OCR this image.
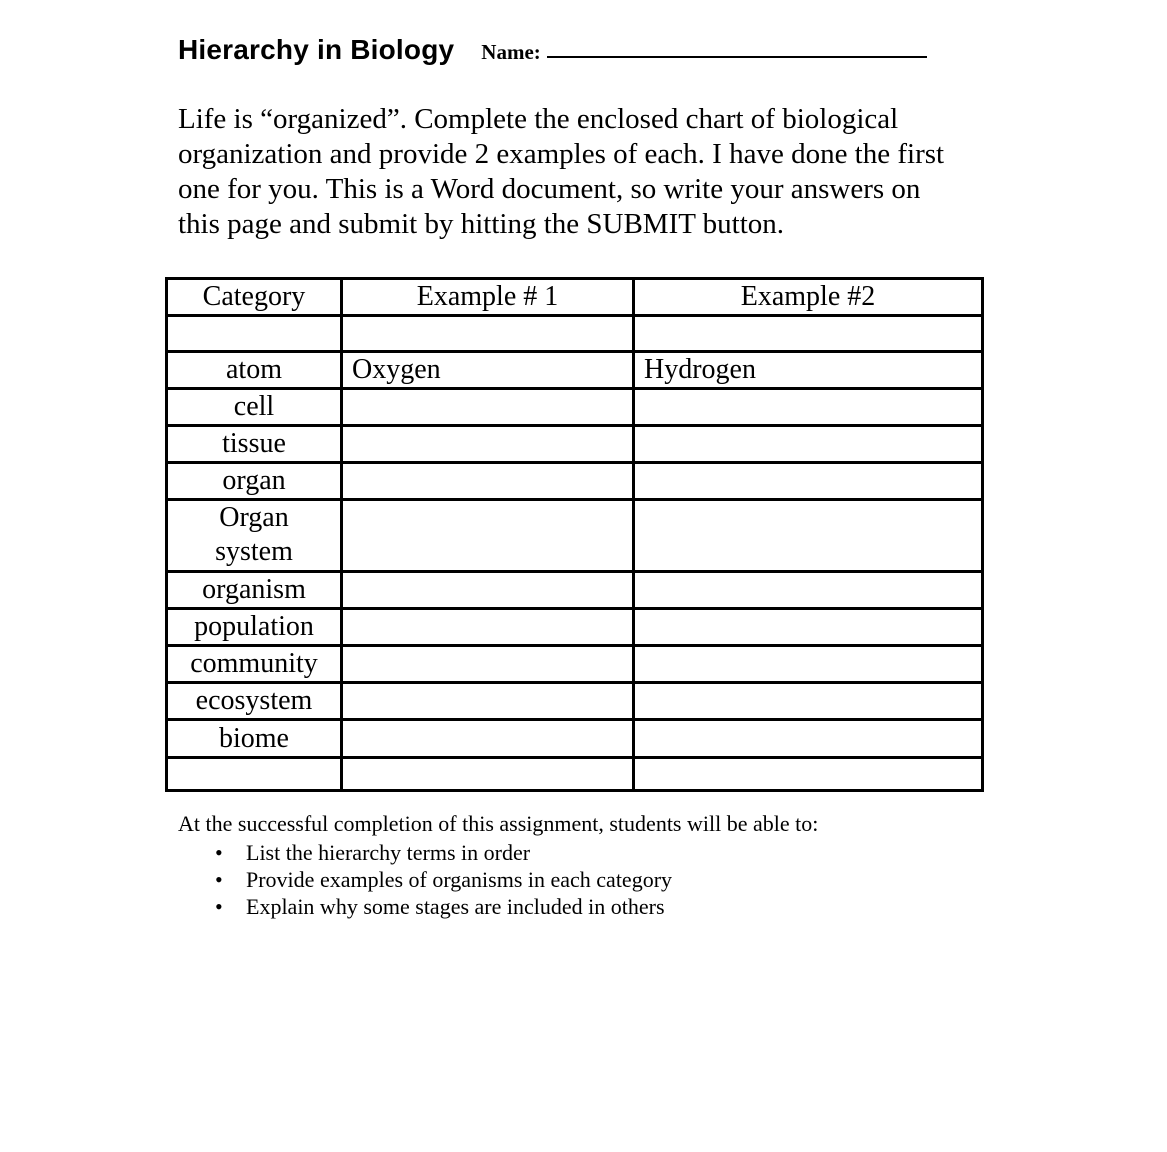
Hierarchy in Biology Name:
Life is “organized”. Complete the enclosed chart of biological
organization and provide 2 examples of each. I have done the first
one for you. This is a Word document, so write your answers on
this page and submit by hitting the SUBMIT button.
Category	Example # 1	Example #2

atom	Oxygen	Hydrogen
cell		
tissue		
organ		

Organ
system		

organism		
population		
community		
ecosystem		
biome		

At the successful completion of this assignment, students will be able to:
• List the hierarchy terms in order
• Provide examples of organisms in each category
• Explain why some stages are included in others
